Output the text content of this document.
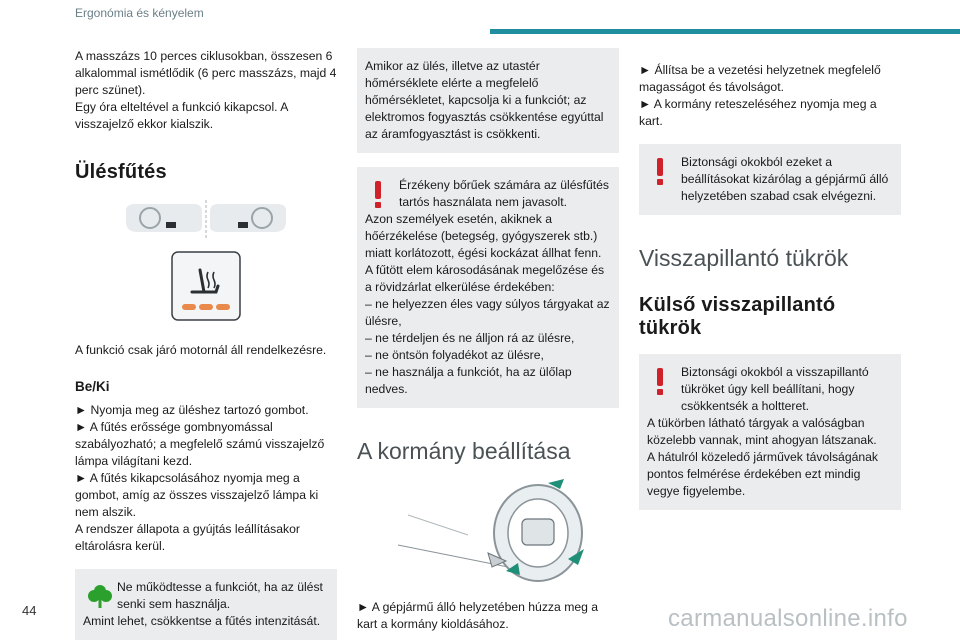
Ergonómia és kényelem

A masszázs 10 perces ciklusokban, összesen 6 alkalommal ismétlődik (6 perc masszázs, majd 4 perc szünet).

Egy óra elteltével a funkció kikapcsol. A visszajelző ekkor kialszik.

Ülésfűtés

A funkció csak járó motornál áll rendelkezésre.

Be/Ki

► Nyomja meg az üléshez tartozó gombot.

► A fűtés erőssége gombnyomással szabályozható; a megfelelő számú visszajelző lámpa világítani kezd.

► A fűtés kikapcsolásához nyomja meg a gombot, amíg az összes visszajelző lámpa ki nem alszik.

A rendszer állapota a gyújtás leállításakor eltárolásra kerül.

Ne működtesse a funkciót, ha az ülést senki sem használja.

Amint lehet, csökkentse a fűtés intenzitását.

Amikor az ülés, illetve az utastér hőmérséklete elérte a megfelelő hőmérsékletet, kapcsolja ki a funkciót; az elektromos fogyasztás csökkentése egyúttal az áramfogyasztást is csökkenti.

Érzékeny bőrűek számára az ülésfűtés tartós használata nem javasolt.

Azon személyek esetén, akiknek a hőérzékelése (betegség, gyógyszerek stb.) miatt korlátozott, égési kockázat állhat fenn.

A fűtött elem károsodásának megelőzése és a rövidzárlat elkerülése érdekében:

– ne helyezzen éles vagy súlyos tárgyakat az ülésre,

– ne térdeljen és ne álljon rá az ülésre,

– ne öntsön folyadékot az ülésre,

– ne használja a funkciót, ha az ülőlap nedves.

A kormány beállítása

► A gépjármű álló helyzetében húzza meg a kart a kormány kioldásához.

► Állítsa be a vezetési helyzetnek megfelelő magasságot és távolságot.

► A kormány reteszeléséhez nyomja meg a kart.

Biztonsági okokból ezeket a beállításokat kizárólag a gépjármű álló helyzetében szabad csak elvégezni.

Visszapillantó tükrök
Külső visszapillantó tükrök

Biztonsági okokból a visszapillantó tükröket úgy kell beállítani, hogy csökkentsék a holtteret.

A tükörben látható tárgyak a valóságban közelebb vannak, mint ahogyan látszanak.

A hátulról közeledő járművek távolságának pontos felmérése érdekében ezt mindig vegye figyelembe.

44	carmanualsonline.info
